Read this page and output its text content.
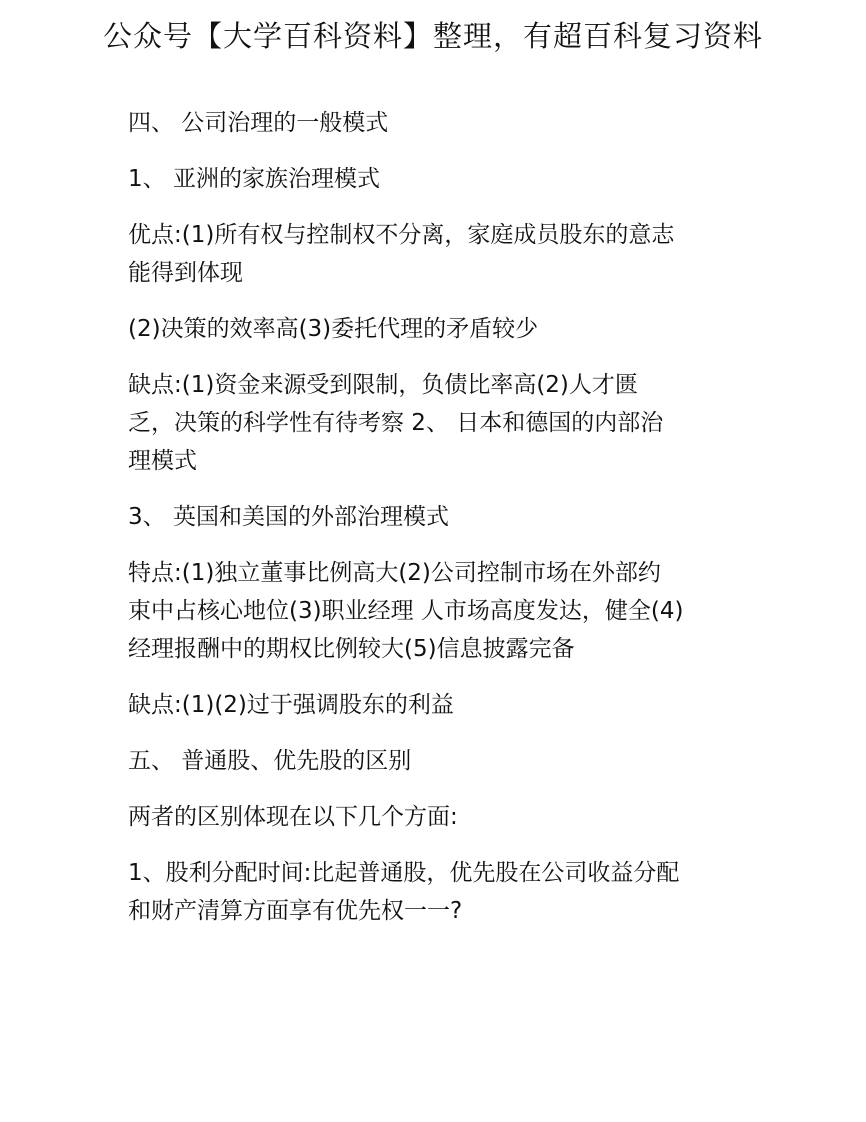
公众号【大学百科资料】整理，有超百科复习资料

四、 公司治理的一般模式

1、 亚洲的家族治理模式

优点:(1)所有权与控制权不分离，家庭成员股东的意志
能得到体现

(2)决策的效率高(3)委托代理的矛盾较少

缺点:(1)资金来源受到限制，负债比率高(2)人才匮
乏，决策的科学性有待考察 2、 日本和德国的内部治
理模式

3、 英国和美国的外部治理模式

特点:(1)独立董事比例高大(2)公司控制市场在外部约
束中占核心地位(3)职业经理 人市场高度发达，健全(4)
经理报酬中的期权比例较大(5)信息披露完备

缺点:(1)(2)过于强调股东的利益

五、 普通股、优先股的区别

两者的区别体现在以下几个方面:

1、股利分配时间:比起普通股，优先股在公司收益分配
和财产清算方面享有优先权一一?
